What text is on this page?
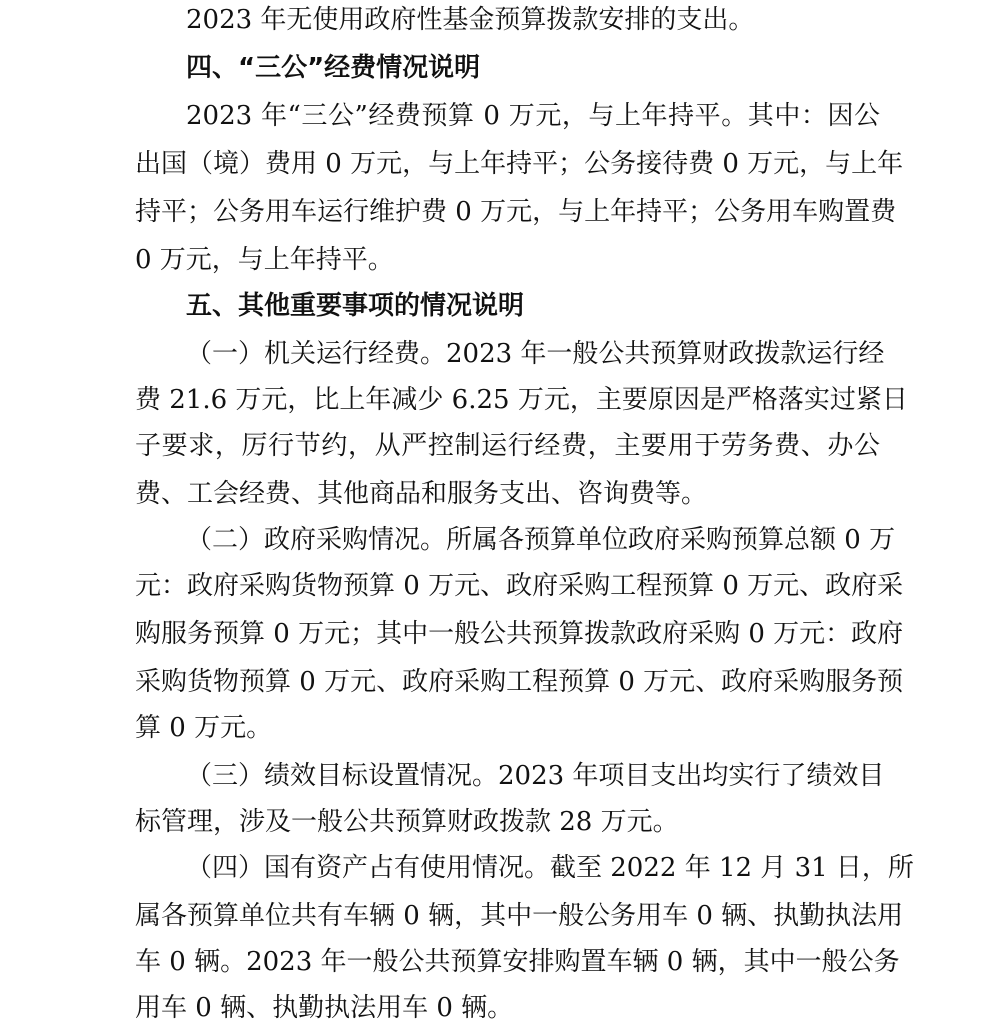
2023 年无使用政府性基金预算拨款安排的支出。
四、“三公”经费情况说明
2023 年“三公”经费预算 0 万元，与上年持平。其中：因公
出国（境）费用 0 万元，与上年持平；公务接待费 0 万元，与上年
持平；公务用车运行维护费 0 万元，与上年持平；公务用车购置费
0 万元，与上年持平。
五、其他重要事项的情况说明
（一）机关运行经费。2023 年一般公共预算财政拨款运行经
费 21.6 万元，比上年减少 6.25 万元，主要原因是严格落实过紧日
子要求，厉行节约，从严控制运行经费，主要用于劳务费、办公
费、工会经费、其他商品和服务支出、咨询费等。
（二）政府采购情况。所属各预算单位政府采购预算总额 0 万
元：政府采购货物预算 0 万元、政府采购工程预算 0 万元、政府采
购服务预算 0 万元；其中一般公共预算拨款政府采购 0 万元：政府
采购货物预算 0 万元、政府采购工程预算 0 万元、政府采购服务预
算 0 万元。
（三）绩效目标设置情况。2023 年项目支出均实行了绩效目
标管理，涉及一般公共预算财政拨款 28 万元。
（四）国有资产占有使用情况。截至 2022 年 12 月 31 日，所
属各预算单位共有车辆 0 辆，其中一般公务用车 0 辆、执勤执法用
车 0 辆。2023 年一般公共预算安排购置车辆 0 辆，其中一般公务
用车 0 辆、执勤执法用车 0 辆。
